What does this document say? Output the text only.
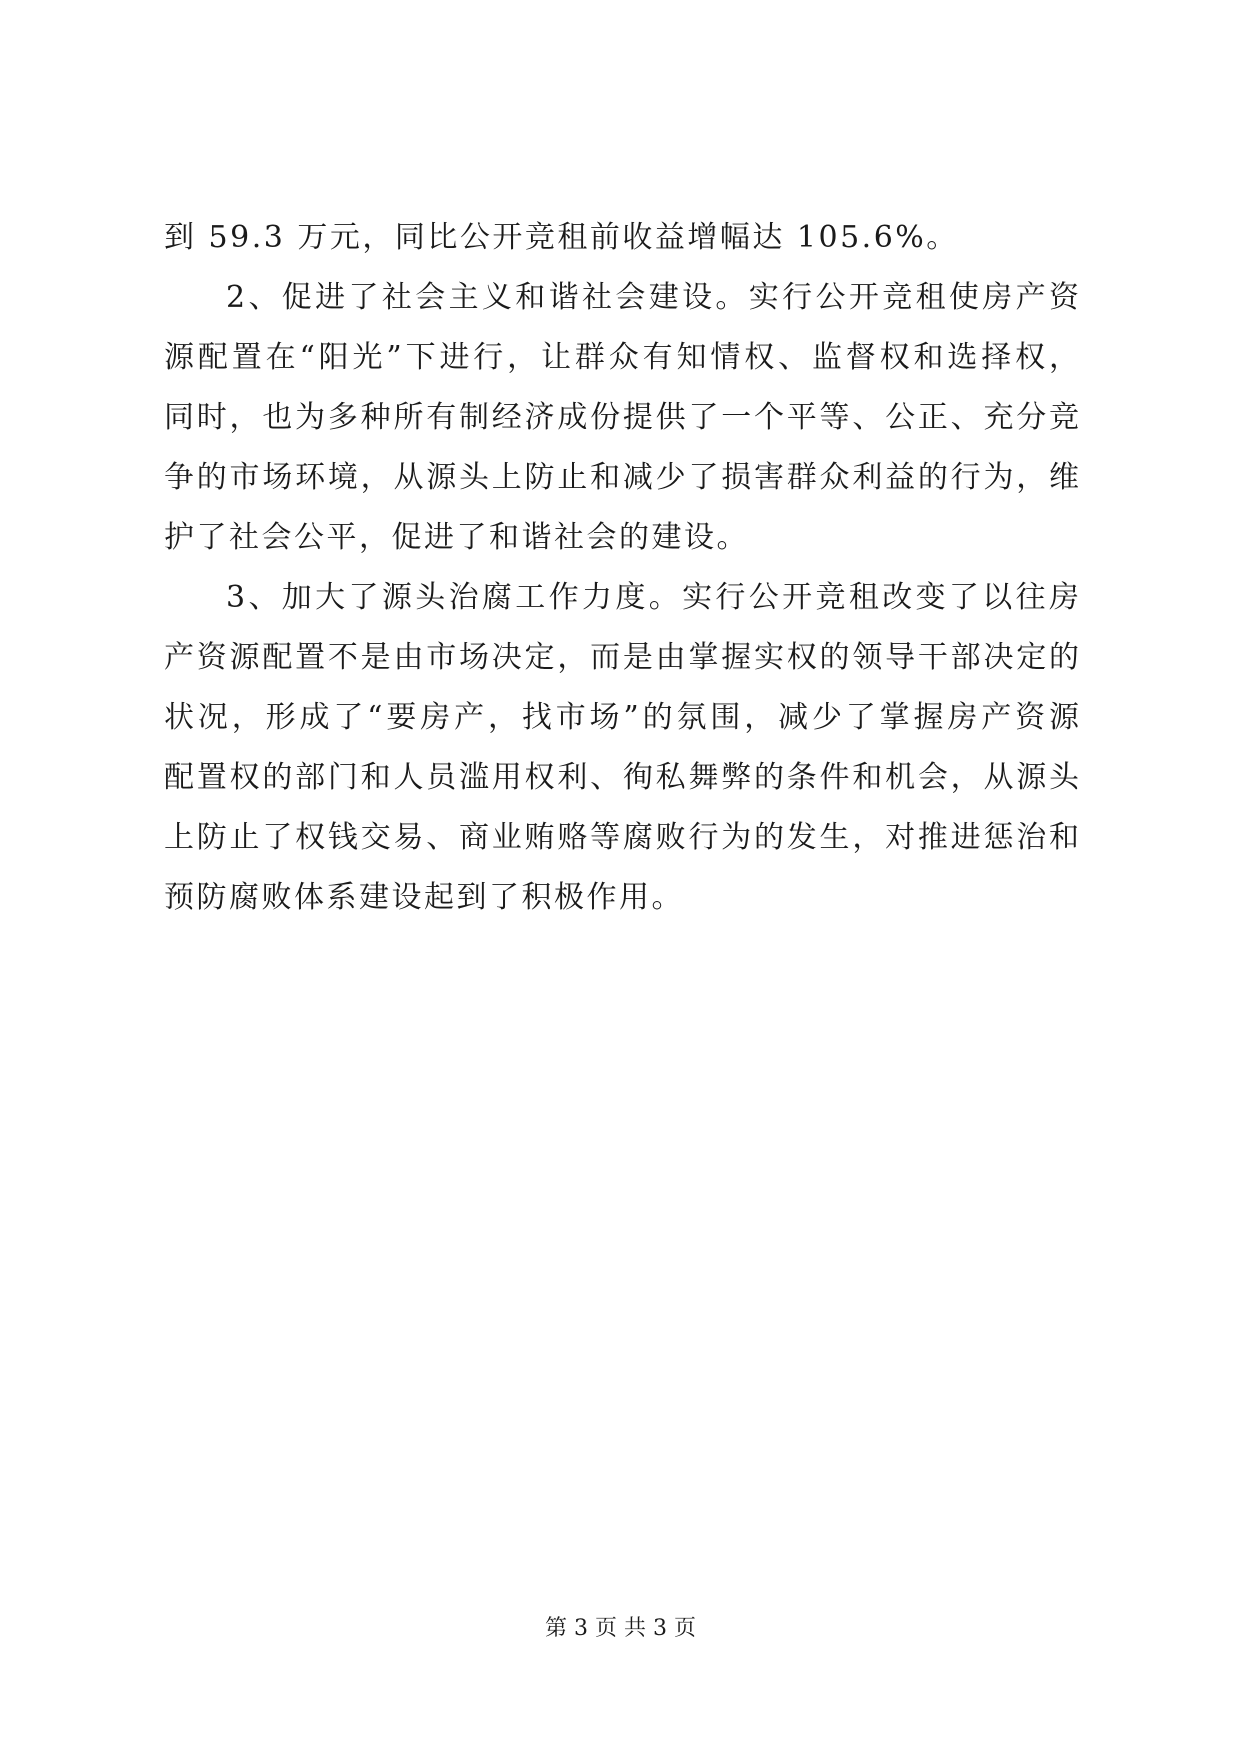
到 59.3 万元，同比公开竞租前收益增幅达 105.6%。
2、促进了社会主义和谐社会建设。实行公开竞租使房产资
源配置在“阳光”下进行，让群众有知情权、监督权和选择权，
同时，也为多种所有制经济成份提供了一个平等、公正、充分竞
争的市场环境，从源头上防止和减少了损害群众利益的行为，维
护了社会公平，促进了和谐社会的建设。
3、加大了源头治腐工作力度。实行公开竞租改变了以往房
产资源配置不是由市场决定，而是由掌握实权的领导干部决定的
状况，形成了“要房产，找市场”的氛围，减少了掌握房产资源
配置权的部门和人员滥用权利、徇私舞弊的条件和机会，从源头
上防止了权钱交易、商业贿赂等腐败行为的发生，对推进惩治和
预防腐败体系建设起到了积极作用。
第 3 页 共 3 页
